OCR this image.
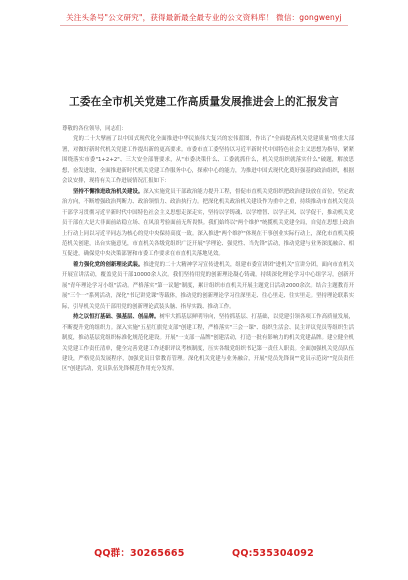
关注头条号"公文研究"，获得最新最全最专业的公文资料库！ 微信：gongwenyj
工委在全市机关党建工作高质量发展推进会上的汇报发言

尊敬的各位领导，同志们：

党的二十大擘画了以中国式现代化全面推进中华民族伟大复兴的宏伟蓝图，作出了"全面提高机关党建质量"的重大部署，对做好新时代机关党建工作提出新的更高要求。市委市直工委坚持以习近平新时代中国特色社会主义思想为指导，紧紧围绕落实市委"1+2+2"、三大安全部署要求，从"市委决策什么、工委就抓什么，机关党组织就落实什么"破题，解放思想，奋发进取，全面推进新时代机关党建工作服务中心，探索中心的能力，为推进中国式现代化奠好强基的政治组织，根据会议安排，现将有关工作进展情况汇报如下：

坚持不懈推进政治机关建设。深入实施党员干部政治能力提升工程，督促市直机关党组织把政治建设放在首位，坚定政治方向，不断增强政治判断力、政治领悟力、政治执行力。把深化机关政治机关建设作为重中之重，持续推动市直机关党员干部学习贯彻习近平新时代中国特色社会主义思想走深走实，坚持以学铸魂、以学增智、以学正风、以学促干，推动机关党员干部在大是大非面前站稳立场、在风浪考验面前无所畏惧。我们始终以"两个维护"统揽机关党建全局，自觉在思想上政治上行动上同以习近平同志为核心的党中央保持高度一致。深入推进"两个维护"体现在干事创业实际行动上，深化市直机关模范机关创建，出台实施意见，市直机关各级党组织广泛开展"学理论、强党性、当先锋"活动，推动党建与业务深度融合、相互促进，确保党中央决策部署和市委工作要求在市直机关落地见效。

着力强化党的创新理论武装。推进党的二十大精神学习宣传进机关，组建市委宣讲团"进机关"宣讲分团，面向市直机关开展宣讲活动，覆盖党员干部10000余人次。我们坚持用党的创新理论凝心铸魂，持续深化理论学习中心组学习，创新开展"青年理论学习小组"活动。严格落实"第一议题"制度，累计组织市直机关开展主题党日活动2000余次。结合主题教育开展"三个一"系列活动，深化"书记讲党课"等载体，推动党的创新理论学习往深里走、往心里走、往实里走。坚持理论联系实际，引导机关党员干部用党的创新理论武装头脑、指导实践、推动工作。

持之以恒打基础、强基层、创品牌。树牢大抓基层鲜明导向，坚持抓基层、打基础，以党建引领各项工作高质量发展，不断提升党的组织力。深入实施"五星红旗党支部"创建工程，严格落实"三会一课"、组织生活会、民主评议党员等组织生活制度，推动基层党组织标准化规范化建设。开展"一支部一品牌"创建活动，打造一批有影响力的机关党建品牌。建立健全机关党建工作责任清单，健全完善党建工作述职评议考核制度，压实各级党组织书记第一责任人职责。全面加强机关党员队伍建设，严格党员发展程序，加强党员日常教育管理。深化机关党建与业务融合，开展"党员先锋岗""党员示范岗""党员责任区"创建活动，党员队伍先锋模范作用充分发挥。

QQ群：30265665	QQ:535304092
